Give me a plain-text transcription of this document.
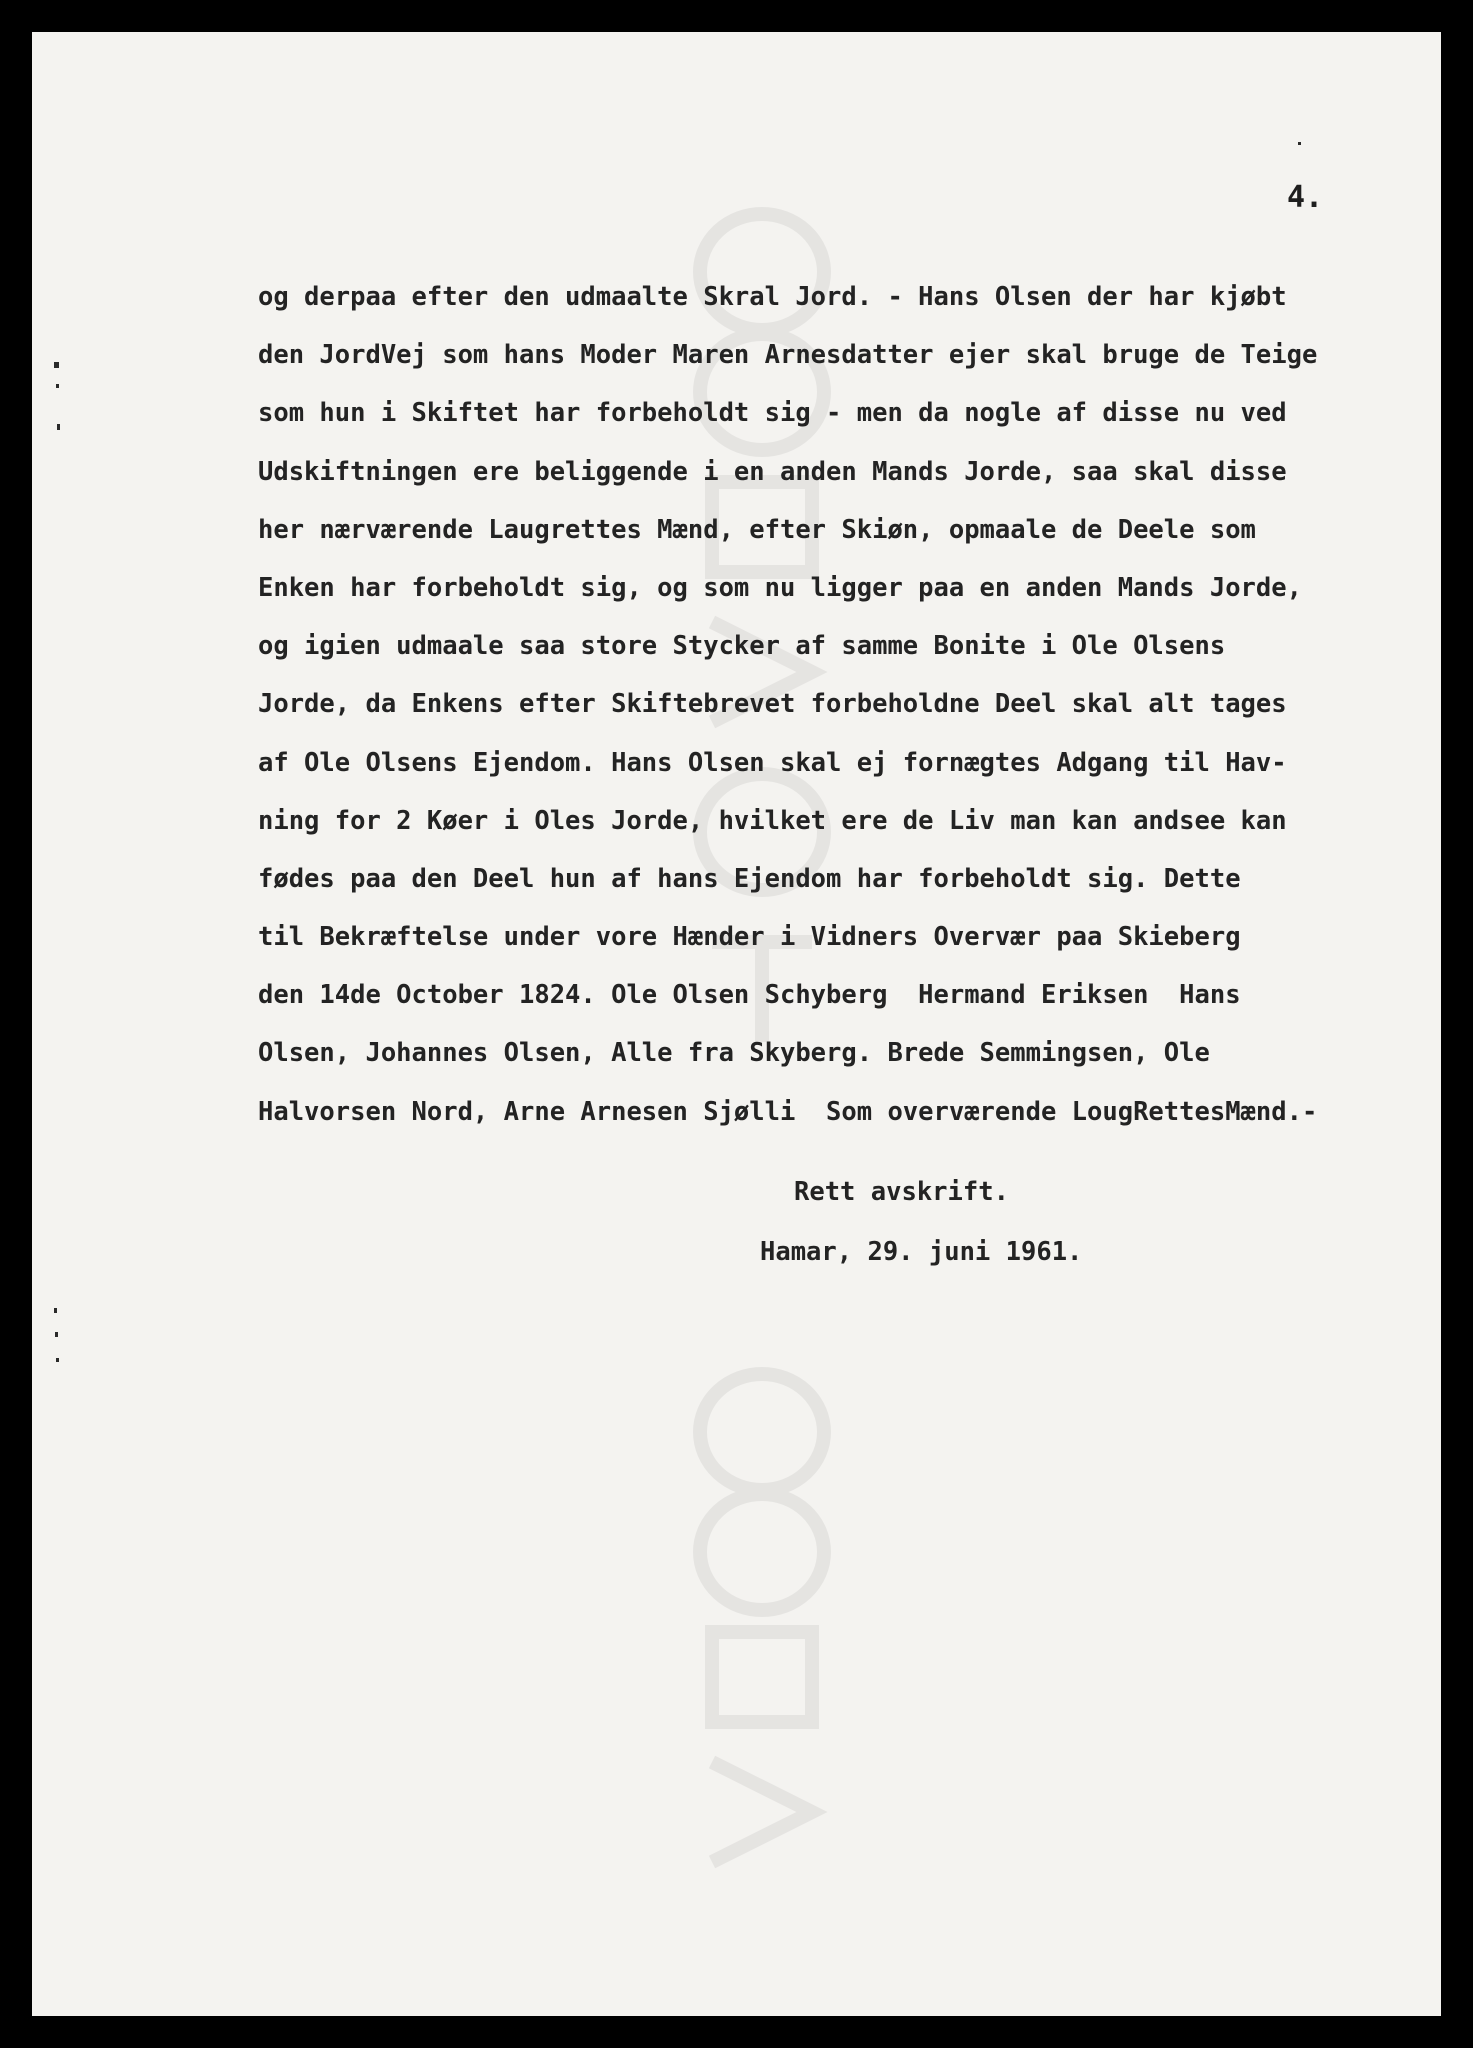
4.

og derpaa efter den udmaalte Skral Jord. - Hans Olsen der har kjøbt
den JordVej som hans Moder Maren Arnesdatter ejer skal bruge de Teige
som hun i Skiftet har forbeholdt sig - men da nogle af disse nu ved
Udskiftningen ere beliggende i en anden Mands Jorde, saa skal disse
her nærværende Laugrettes Mænd, efter Skiøn, opmaale de Deele som
Enken har forbeholdt sig, og som nu ligger paa en anden Mands Jorde,
og igien udmaale saa store Stycker af samme Bonite i Ole Olsens
Jorde, da Enkens efter Skiftebrevet forbeholdne Deel skal alt tages
af Ole Olsens Ejendom. Hans Olsen skal ej fornægtes Adgang til Hav-
ning for 2 Køer i Oles Jorde, hvilket ere de Liv man kan andsee kan
fødes paa den Deel hun af hans Ejendom har forbeholdt sig. Dette
til Bekræftelse under vore Hænder i Vidners Overvær paa Skieberg
den 14de October 1824. Ole Olsen Schyberg  Hermand Eriksen  Hans
Olsen, Johannes Olsen, Alle fra Skyberg. Brede Semmingsen, Ole
Halvorsen Nord, Arne Arnesen Sjølli  Som overværende LougRettesMænd.-
Rett avskrift.
Hamar, 29. juni 1961.
